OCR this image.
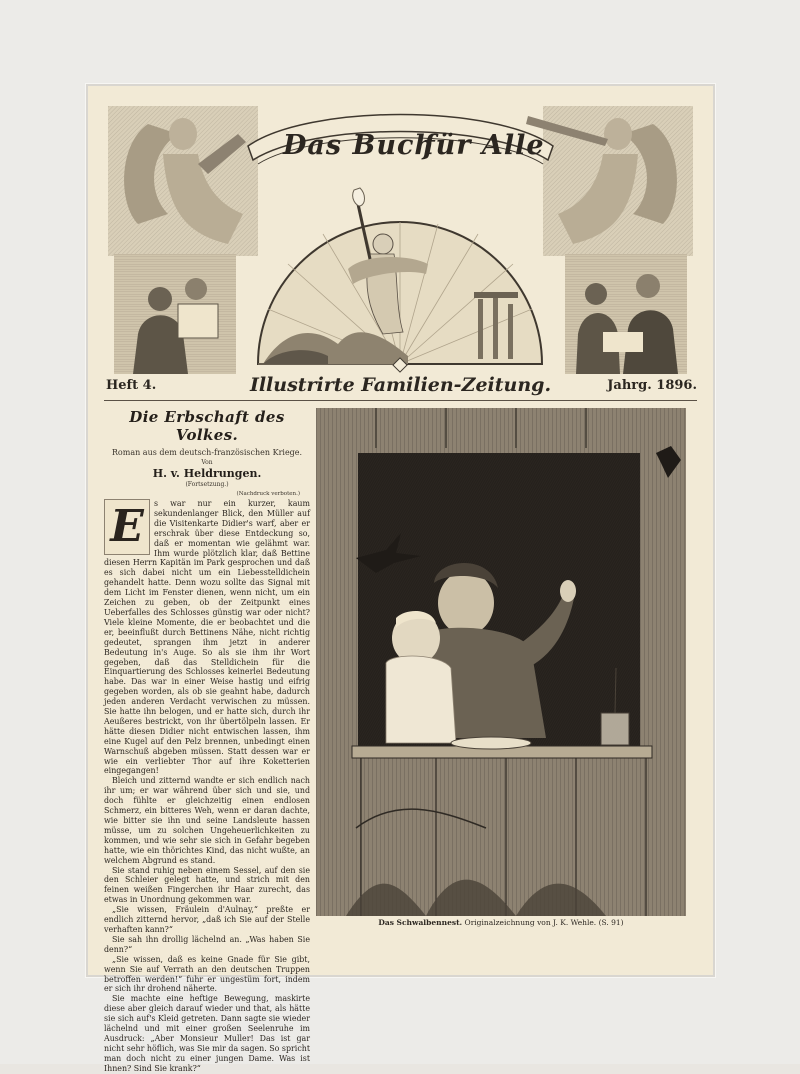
Das Buch
für Alle
Heft 4.	Illustrirte Familien-Zeitung.	Jahrg. 1896.

Die Erbschaft des Volkes.

Roman aus dem deutsch-französischen Kriege.

Von

H. v. Heldrungen.

(Fortsetzung.)

(Nachdruck verboten.)

E	s war nur ein kurzer, kaum sekundenlanger Blick, den Müller auf die Visitenkarte Didier's warf, aber er erschrak über diese Entdeckung so, daß er momentan wie gelähmt war. Ihm wurde plötzlich klar, daß Bettine diesen Herrn Kapitän im Park gesprochen und daß es sich dabei nicht um ein Liebesstelldichein gehandelt hatte. Denn wozu sollte das Signal mit dem Licht im Fenster dienen, wenn nicht, um ein Zeichen zu geben, ob der Zeitpunkt eines Ueberfalles des Schlosses günstig war oder nicht? Viele kleine Momente, die er beobachtet und die er, beeinflußt durch Bettinens Nähe, nicht richtig gedeutet, sprangen ihm jetzt in anderer Bedeutung in's Auge. So als sie ihm ihr Wort gegeben, daß das Stelldichein für die Einquartierung des Schlosses keinerlei Bedeutung habe. Das war in einer Weise hastig und eifrig gegeben worden, als ob sie geahnt habe, dadurch jeden anderen Verdacht verwischen zu müssen. Sie hatte ihn belogen, und er hatte sich, durch ihr Aeußeres bestrickt, von ihr übertölpeln lassen. Er hätte diesen Didier nicht entwischen lassen, ihm eine Kugel auf den Pelz brennen, unbedingt einen Warnschuß abgeben müssen. Statt dessen war er wie ein verliebter Thor auf ihre Koketterien eingegangen!

Bleich und zitternd wandte er sich endlich nach ihr um; er war während über sich und sie, und doch fühlte er gleichzeitig einen endlosen Schmerz, ein bitteres Weh, wenn er daran dachte, wie bitter sie ihn und seine Landsleute hassen müsse, um zu solchen Ungeheuerlichkeiten zu kommen, und wie sehr sie sich in Gefahr begeben hatte, wie ein thörichtes Kind, das nicht wußte, an welchem Abgrund es stand.

Sie stand ruhig neben einem Sessel, auf den sie den Schleier gelegt hatte, und strich mit den feinen weißen Fingerchen ihr Haar zurecht, das etwas in Unordnung gekommen war.

„Sie wissen, Fräulein d'Aulnay,“ preßte er endlich zitternd hervor, „daß ich Sie auf der Stelle verhaften kann?“

Sie sah ihn drollig lächelnd an. „Was haben Sie denn?“

„Sie wissen, daß es keine Gnade für Sie gibt, wenn Sie auf Verrath an den deutschen Truppen betroffen werden!“ fuhr er ungestüm fort, indem er sich ihr drohend näherte.

Sie machte eine heftige Bewegung, maskirte diese aber gleich darauf wieder und that, als hätte sie sich auf's Kleid getreten. Dann sagte sie wieder lächelnd und mit einer großen Seelenruhe im Ausdruck: „Aber Monsieur Muller! Das ist gar nicht sehr höflich, was Sie mir da sagen. So spricht man doch nicht zu einer jungen Dame. Was ist Ihnen? Sind Sie krank?“

Das Schwalbennest. Originalzeichnung von J. K. Wehle. (S. 91)
